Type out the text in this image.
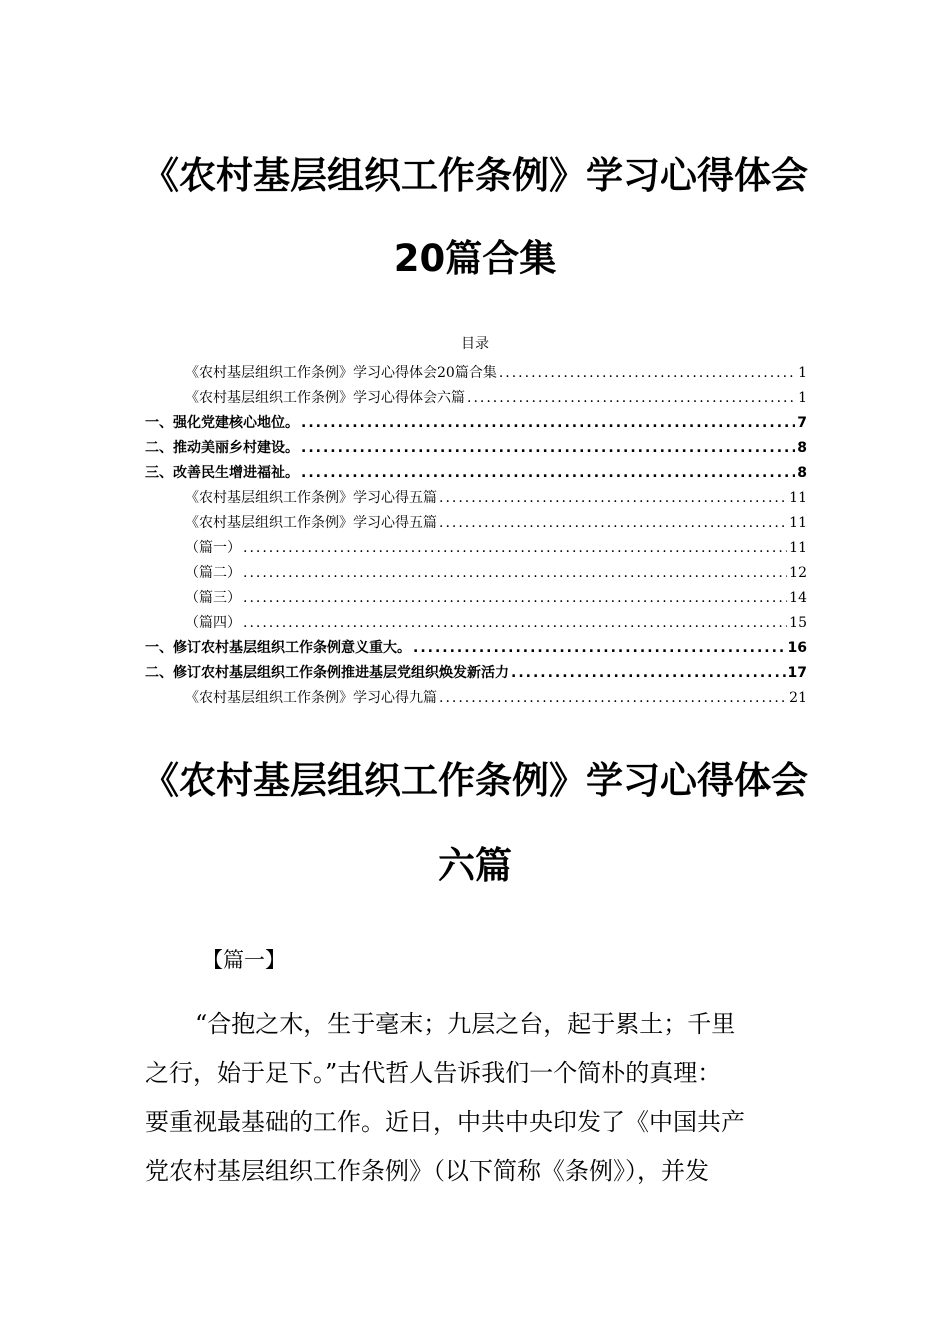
《农村基层组织工作条例》学习心得体会
20篇合集
目录
《农村基层组织工作条例》学习心得体会20篇合集 .....	1
《农村基层组织工作条例》学习心得体会六篇 .....	1
一、强化党建核心地位。 .....	7
二、推动美丽乡村建设。 .....	8
三、改善民生增进福祉。 .....	8
《农村基层组织工作条例》学习心得五篇 .....	11
《农村基层组织工作条例》学习心得五篇 .....	11
（篇一） .....	11
（篇二） .....	12
（篇三） .....	14
（篇四） .....	15
一、修订农村基层组织工作条例意义重大。 .....	16
二、修订农村基层组织工作条例推进基层党组织焕发新活力 .....	17
《农村基层组织工作条例》学习心得九篇 .....	21
《农村基层组织工作条例》学习心得体会
六篇
【篇一】
“合抱之木，生于毫末；九层之台，起于累土；千里
之行，始于足下。”古代哲人告诉我们一个简朴的真理：
要重视最基础的工作。近日，中共中央印发了《中国共产
党农村基层组织工作条例》（以下简称《条例》），并发
